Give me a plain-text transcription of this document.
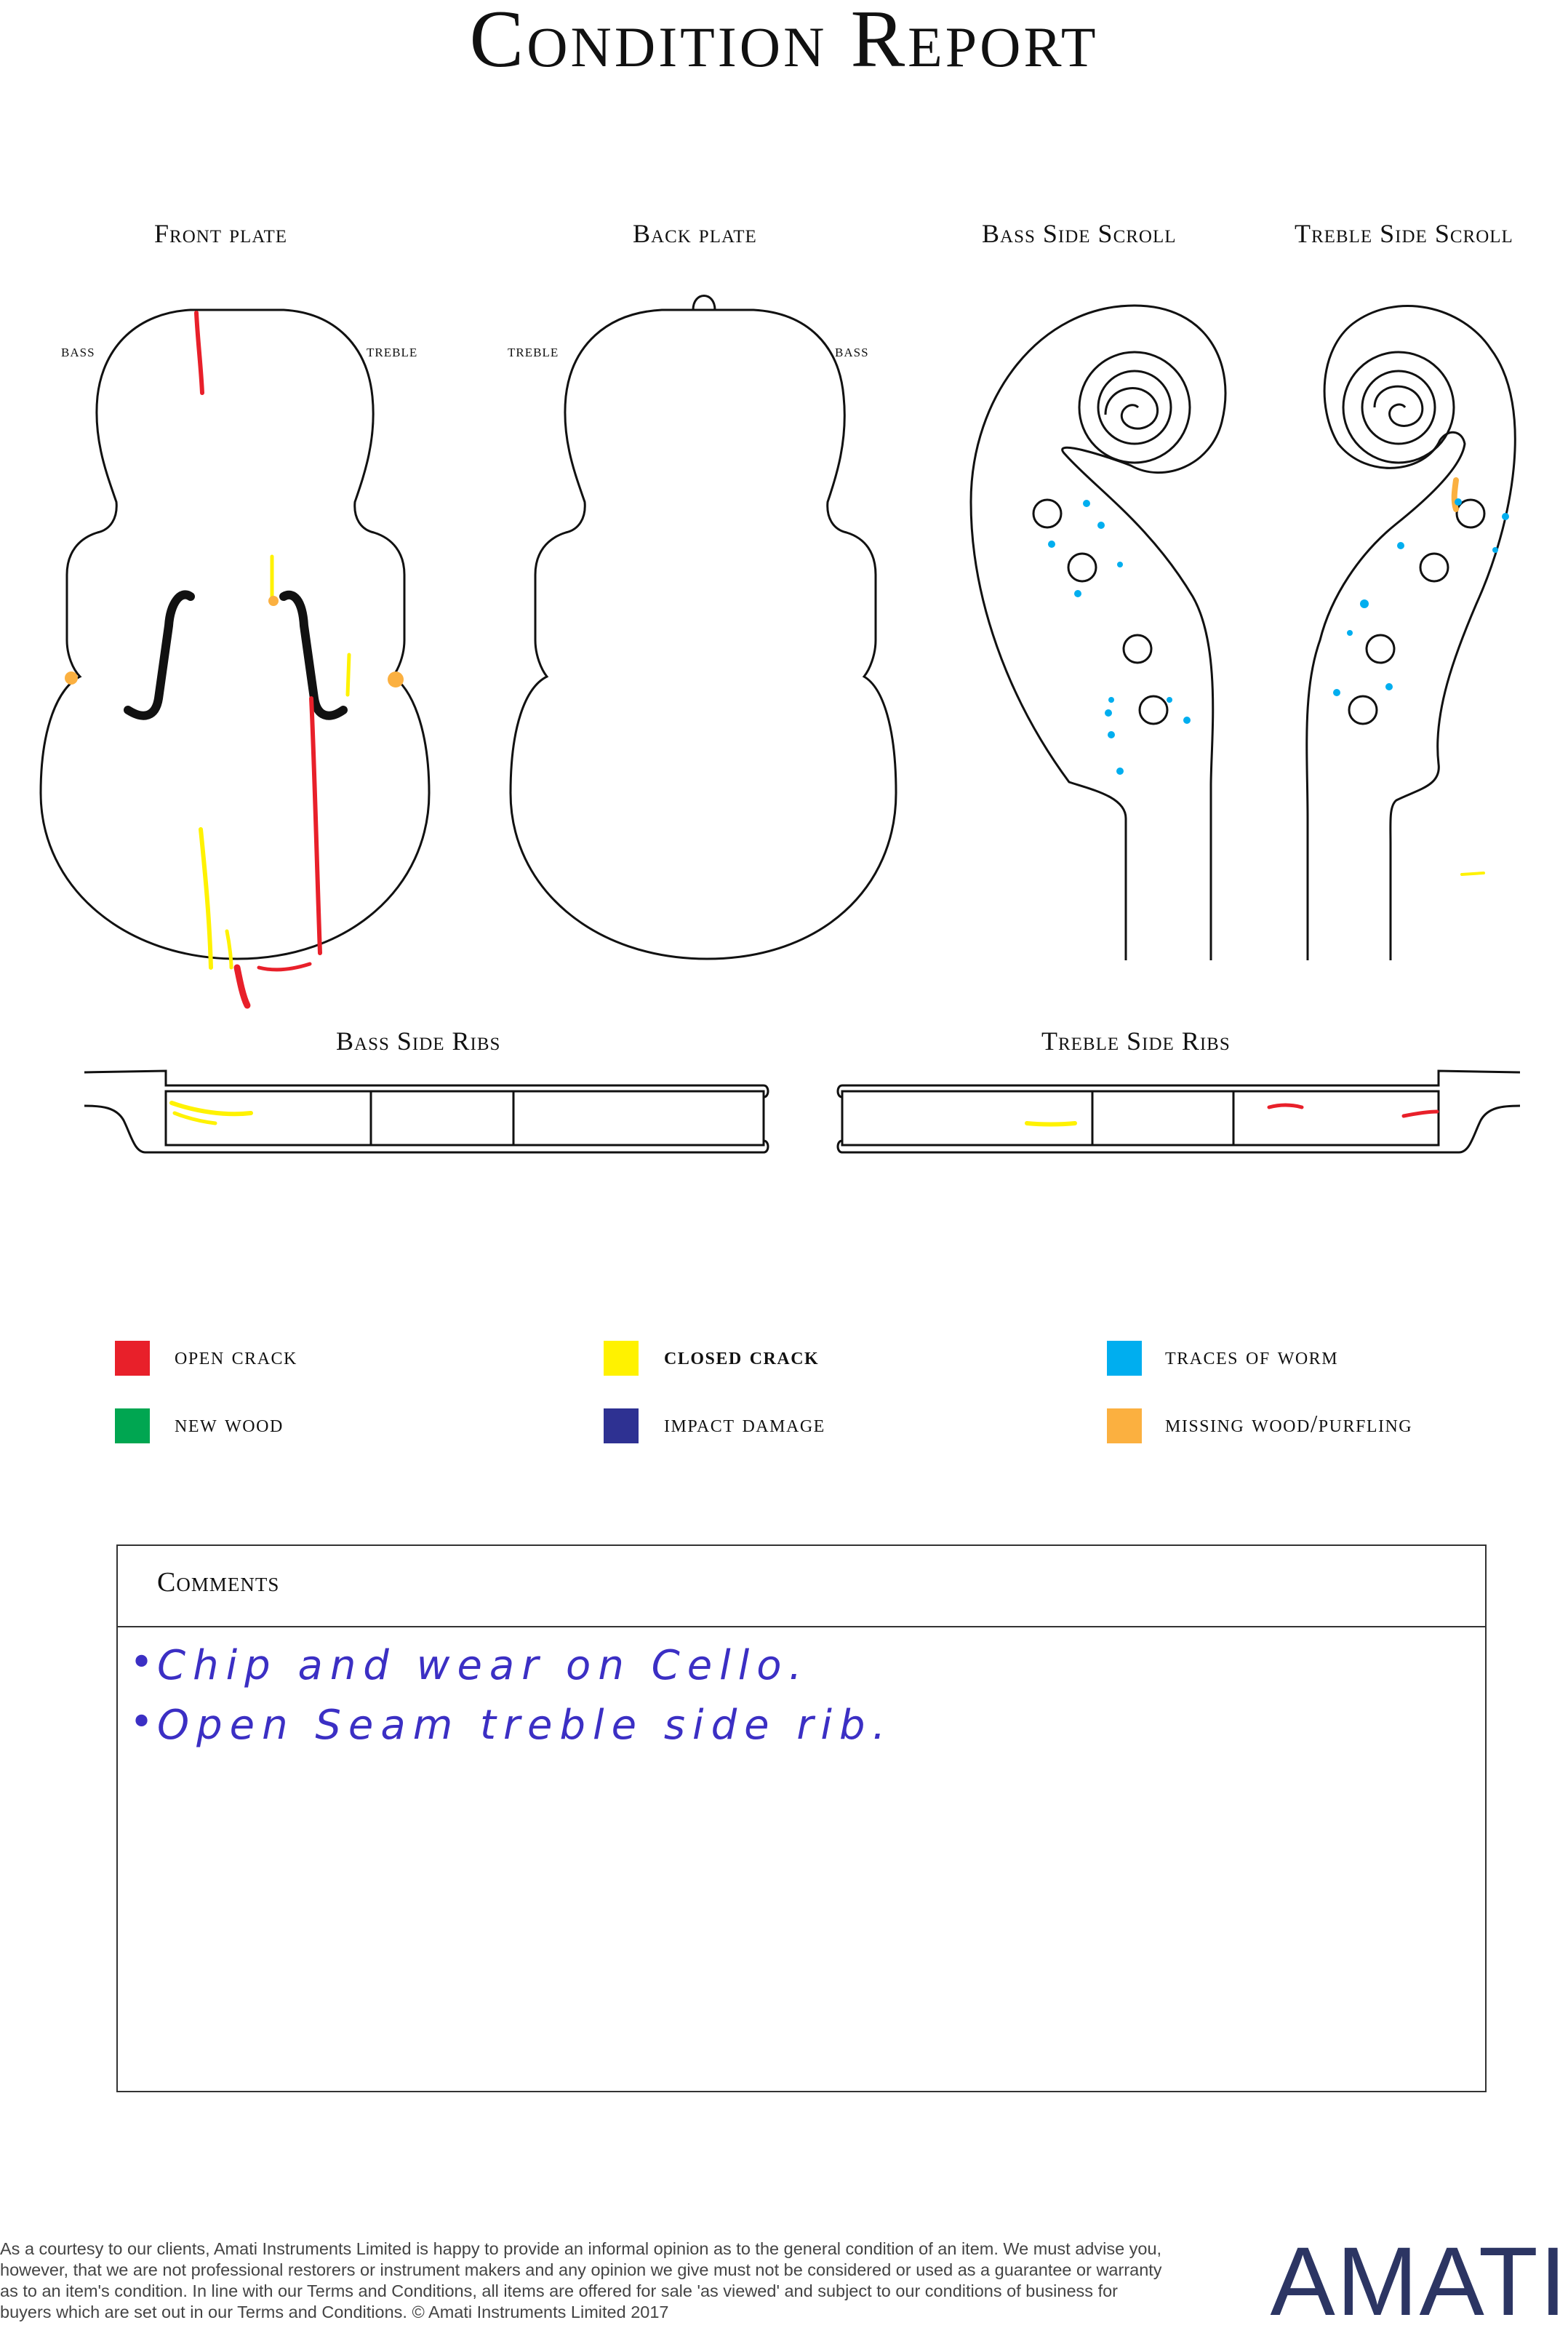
Condition Report
Front plate	Back plate	Bass Side Scroll	Treble Side Scroll
Bass Side Ribs	Treble Side Ribs
bass	treble	treble	bass
open crack	closed crack	traces of worm
new wood	impact damage	missing wood/purfling
Comments
•
Chip and wear on Cello.
•
Open Seam treble side rib.
As a courtesy to our clients, Amati Instruments Limited is happy to provide an informal opinion as to the general condition of an item. We must advise you, however, that we are not professional restorers or instrument makers and any opinion we give must not be considered or used as a guarantee or warranty as to an item's condition. In line with our Terms and Conditions, all items are offered for sale 'as viewed' and subject to our conditions of business for buyers which are set out in our Terms and Conditions. © Amati Instruments Limited 2017	AMATI
